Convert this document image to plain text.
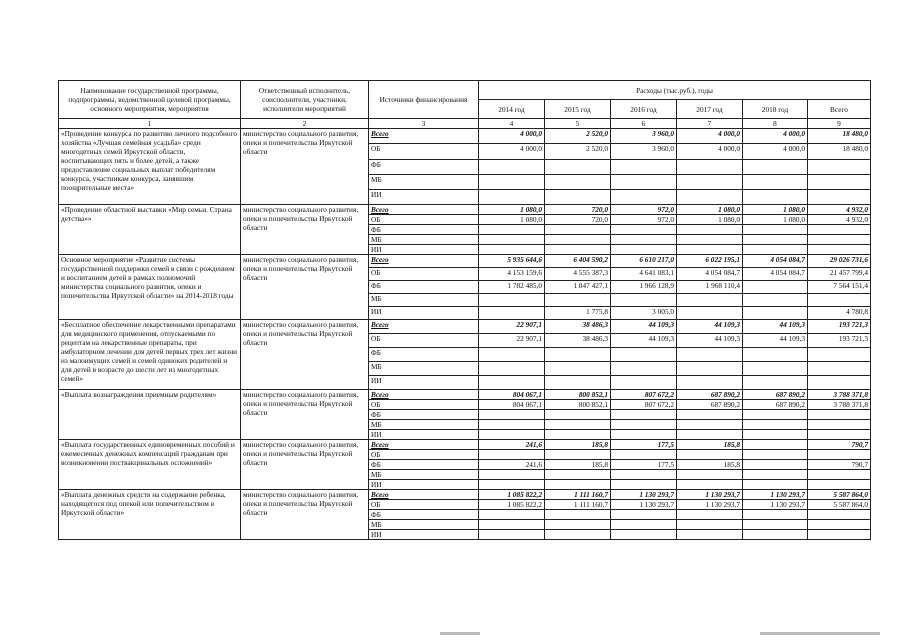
Наименование государственной программы, подпрограммы, ведомственной целевой программы, основного мероприятия, мероприятия	Ответственный исполнитель, соисполнители, участники, исполнители мероприятий	Источники финансирования	Расходы (тыс.руб.), годы					
			2014 год	2015 год	2016 год	2017 год	2018 год	Всего
1	2	3	4	5	6	7	8	9
«Проведение конкурса по развитию личного подсобного хозяйства «Лучшая семейная усадьба» среди многодетных семей Иркутской области, воспитывающих пять и более детей, а также предоставление социальных выплат победителям конкурса, участникам конкурса, занявшим поощрительные места»	министерство социального развития, опеки и попечительства Иркутской области	Всего	4 000,0	2 520,0	3 960,0	4 000,0	4 000,0	18 480,0
		ОБ	4 000,0	2 520,0	3 960,0	4 000,0	4 000,0	18 480,0
		ФБ						
		МБ						
		ИИ						
«Проведение областной выставки «Мир семьи. Страна детства»»	министерство социального развития, опеки и попечительства Иркутской области	Всего	1 080,0	720,0	972,0	1 080,0	1 080,0	4 932,0
		ОБ	1 080,0	720,0	972,0	1 080,0	1 080,0	4 932,0
		ФБ						
		МБ						
		ИИ						
Основное мероприятие «Развитие системы государственной поддержки семей в связи с рождением и воспитанием детей в рамках полномочий министерства социального развития, опеки и попечительства Иркутской области» на 2014-2018 годы	министерство социального развития, опеки и попечительства Иркутской области	Всего	5 935 644,6	6 404 590,2	6 610 217,0	6 022 195,1	4 054 084,7	29 026 731,6
		ОБ	4 153 159,6	4 555 387,3	4 641 083,1	4 054 084,7	4 054 084,7	21 457 799,4
		ФБ	1 782 485,0	1 847 427,1	1 966 128,9	1 968 110,4		7 564 151,4
		МБ						
		ИИ		1 775,8	3 005,0			4 780,8
«Бесплатное обеспечение лекарственными препаратами для медицинского применения, отпускаемыми по рецептам на лекарственные препараты, при амбулаторном лечении для детей первых трех лет жизни из малоимущих семей и семей одиноких родителей и для детей в возрасте до шести лет из многодетных семей»	министерство социального развития, опеки и попечительства Иркутской области	Всего	22 907,1	38 486,3	44 109,3	44 109,3	44 109,3	193 721,3
		ОБ	22 907,1	38 486,3	44 109,3	44 109,3	44 109,3	193 721,3
		ФБ						
		МБ						
		ИИ						
«Выплата вознаграждения приемным родителям»	министерство социального развития, опеки и попечительства Иркутской области	Всего	804 067,1	800 852,1	807 672,2	687 890,2	687 890,2	3 788 371,8
		ОБ	804 067,1	800 852,1	807 672,2	687 890,2	687 890,2	3 788 371,8
		ФБ						
		МБ						
		ИИ						
«Выплата государственных единовременных пособий и ежемесячных денежных компенсаций гражданам при возникновении поствакцинальных осложнений»	министерство социального развития, опеки и попечительства Иркутской области	Всего	241,6	185,8	177,5	185,8		790,7
		ОБ						
		ФБ	241,6	185,8	177,5	185,8		790,7
		МБ						
		ИИ						
«Выплата денежных средств на содержание ребенка, находящегося под опекой или попечительством в Иркутской области»	министерство социального развития, опеки и попечительства Иркутской области	Всего	1 085 822,2	1 111 160,7	1 130 293,7	1 130 293,7	1 130 293,7	5 587 864,0
		ОБ	1 085 822,2	1 111 160,7	1 130 293,7	1 130 293,7	1 130 293,7	5 587 864,0
		ФБ						
		МБ						
		ИИ						
